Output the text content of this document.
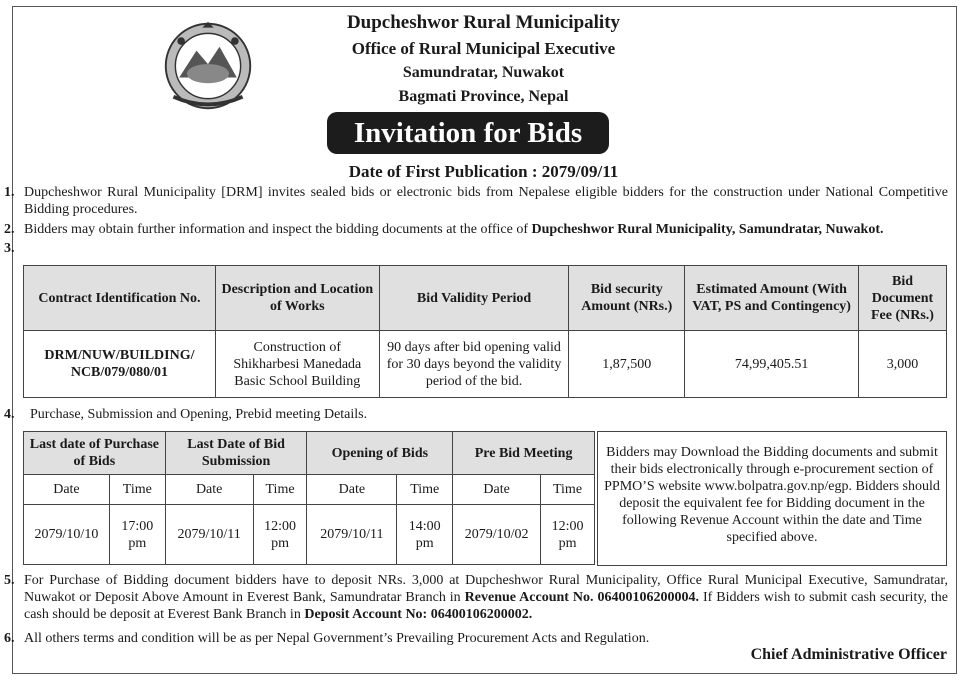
Dupcheshwor Rural Municipality
Office of Rural Municipal Executive
Samundratar, Nuwakot
Bagmati Province, Nepal
Invitation for Bids
Date of First Publication : 2079/09/11
1. Dupcheshwor Rural Municipality [DRM] invites sealed bids or electronic bids from Nepalese eligible bidders for the construction under National Competitive Bidding procedures.
2. Bidders may obtain further information and inspect the bidding documents at the office of Dupcheshwor Rural Municipality, Samundratar, Nuwakot.
3.
Contract Identification No.	Description and Location of Works	Bid Validity Period	Bid security Amount (NRs.)	Estimated Amount (With VAT, PS and Contingency)	Bid Document Fee (NRs.)
DRM/NUW/BUILDING/ NCB/079/080/01	Construction of Shikharbesi Manedada Basic School Building	90 days after bid opening valid for 30 days beyond the validity period of the bid.	1,87,500	74,99,405.51	3,000
4. Purchase, Submission and Opening, Prebid meeting Details.
Last date of Purchase of Bids		Last Date of Bid Submission		Opening of Bids		Pre Bid Meeting	
Date	Time	Date	Time	Date	Time	Date	Time
2079/10/10	17:00 pm	2079/10/11	12:00 pm	2079/10/11	14:00 pm	2079/10/02	12:00 pm
Bidders may Download the Bidding documents and submit their bids electronically through e-procurement section of PPMO’S website www.bolpatra.gov.np/egp. Bidders should deposit the equivalent fee for Bidding document in the following Revenue Account within the date and Time specified above.
5. For Purchase of Bidding document bidders have to deposit NRs. 3,000 at Dupcheshwor Rural Municipality, Office Rural Municipal Executive, Samundratar, Nuwakot or Deposit Above Amount in Everest Bank, Samundratar Branch in Revenue Account No. 06400106200004. If Bidders wish to submit cash security, the cash should be deposit at Everest Bank Branch in Deposit Account No: 06400106200002.
6. All others terms and condition will be as per Nepal Government’s Prevailing Procurement Acts and Regulation.
Chief Administrative Officer
